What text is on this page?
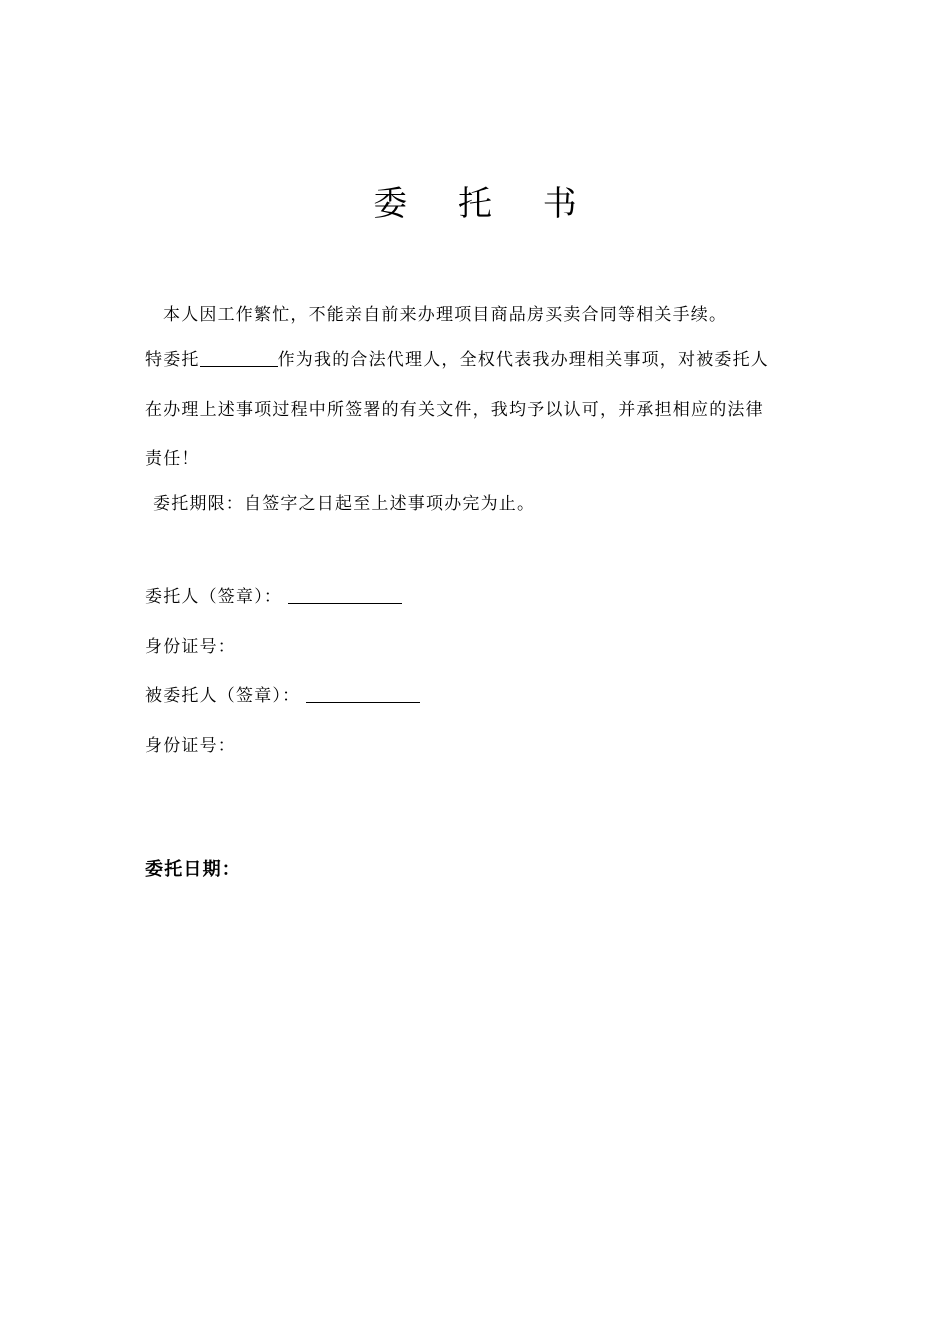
委 托 书
本人因工作繁忙，不能亲自前来办理项目商品房买卖合同等相关手续。
特委托	作为我的合法代理人，全权代表我办理相关事项，对被委托人
在办理上述事项过程中所签署的有关文件，我均予以认可，并承担相应的法律
责任！
委托期限：自签字之日起至上述事项办完为止。
委托人（签章）：
身份证号：
被委托人（签章）：
身份证号：
委托日期：
